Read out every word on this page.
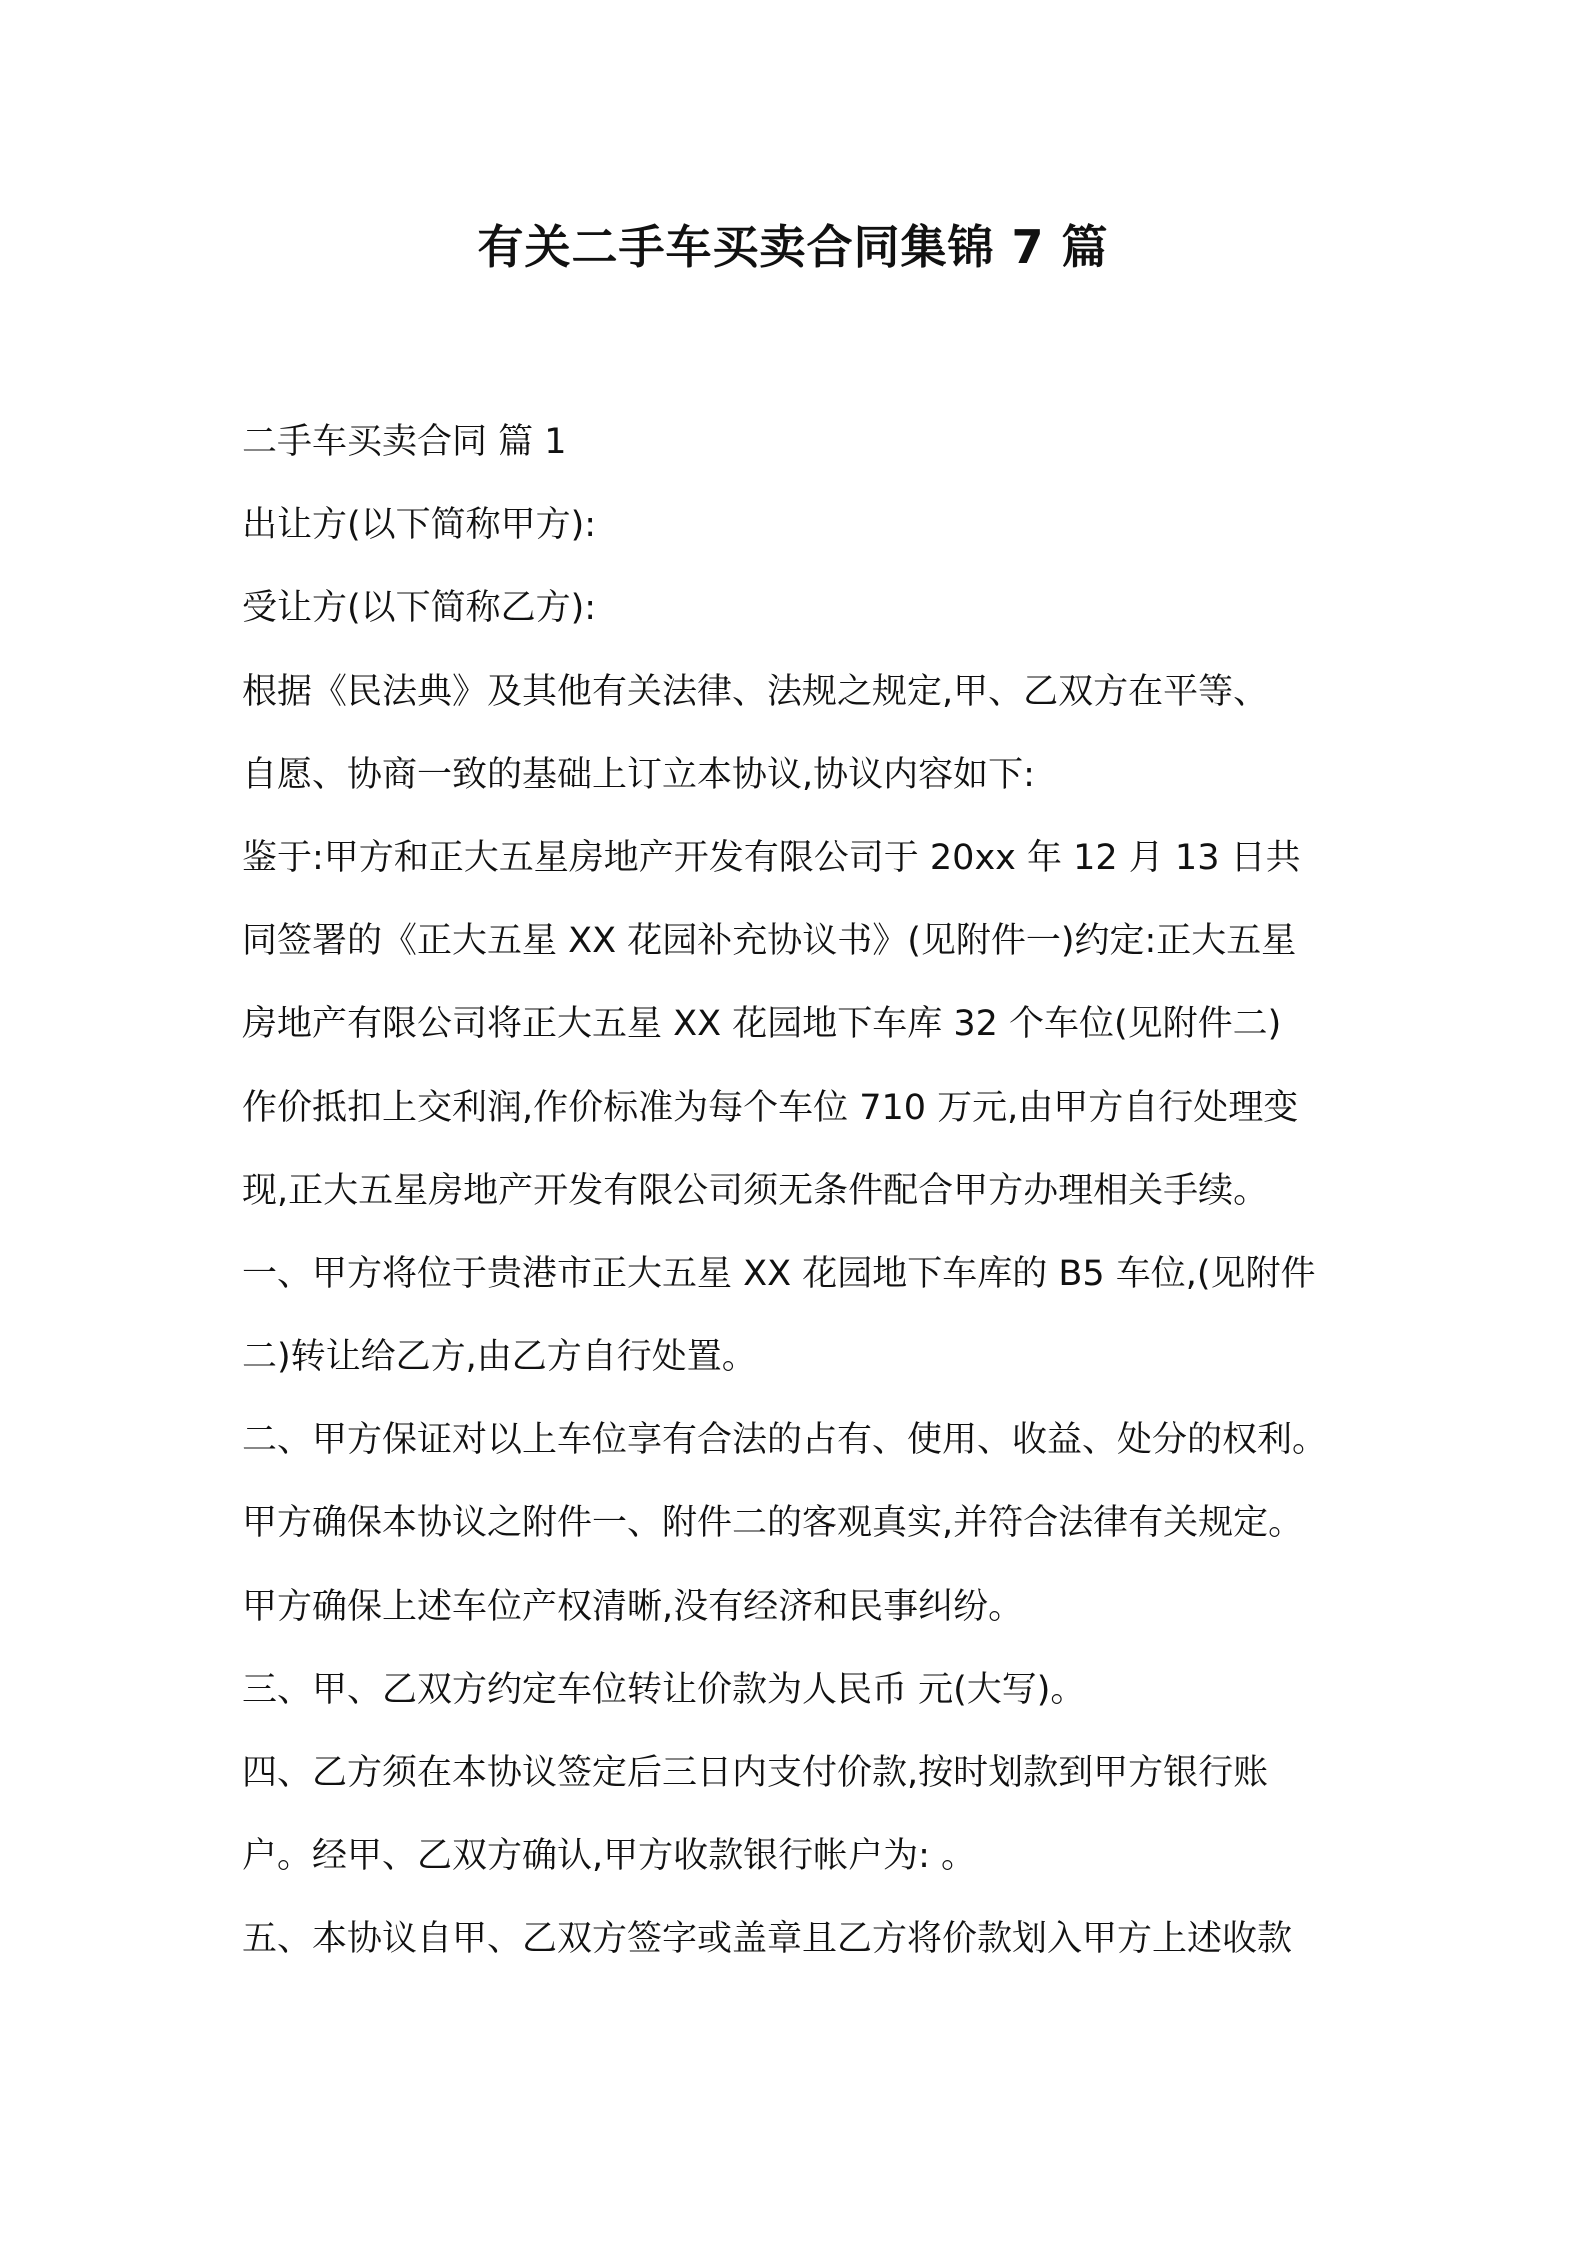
有关二手车买卖合同集锦 7 篇
二手车买卖合同 篇 1
出让方(以下简称甲方):
受让方(以下简称乙方):
根据《民法典》及其他有关法律、法规之规定,甲、乙双方在平等、
自愿、协商一致的基础上订立本协议,协议内容如下:
鉴于:甲方和正大五星房地产开发有限公司于 20xx 年 12 月 13 日共
同签署的《正大五星 XX 花园补充协议书》(见附件一)约定:正大五星
房地产有限公司将正大五星 XX 花园地下车库 32 个车位(见附件二)
作价抵扣上交利润,作价标准为每个车位 710 万元,由甲方自行处理变
现,正大五星房地产开发有限公司须无条件配合甲方办理相关手续。
一、甲方将位于贵港市正大五星 XX 花园地下车库的 B5 车位,(见附件
二)转让给乙方,由乙方自行处置。
二、甲方保证对以上车位享有合法的占有、使用、收益、处分的权利。
甲方确保本协议之附件一、附件二的客观真实,并符合法律有关规定。
甲方确保上述车位产权清晰,没有经济和民事纠纷。
三、甲、乙双方约定车位转让价款为人民币 元(大写)。
四、乙方须在本协议签定后三日内支付价款,按时划款到甲方银行账
户。经甲、乙双方确认,甲方收款银行帐户为: 。
五、本协议自甲、乙双方签字或盖章且乙方将价款划入甲方上述收款
